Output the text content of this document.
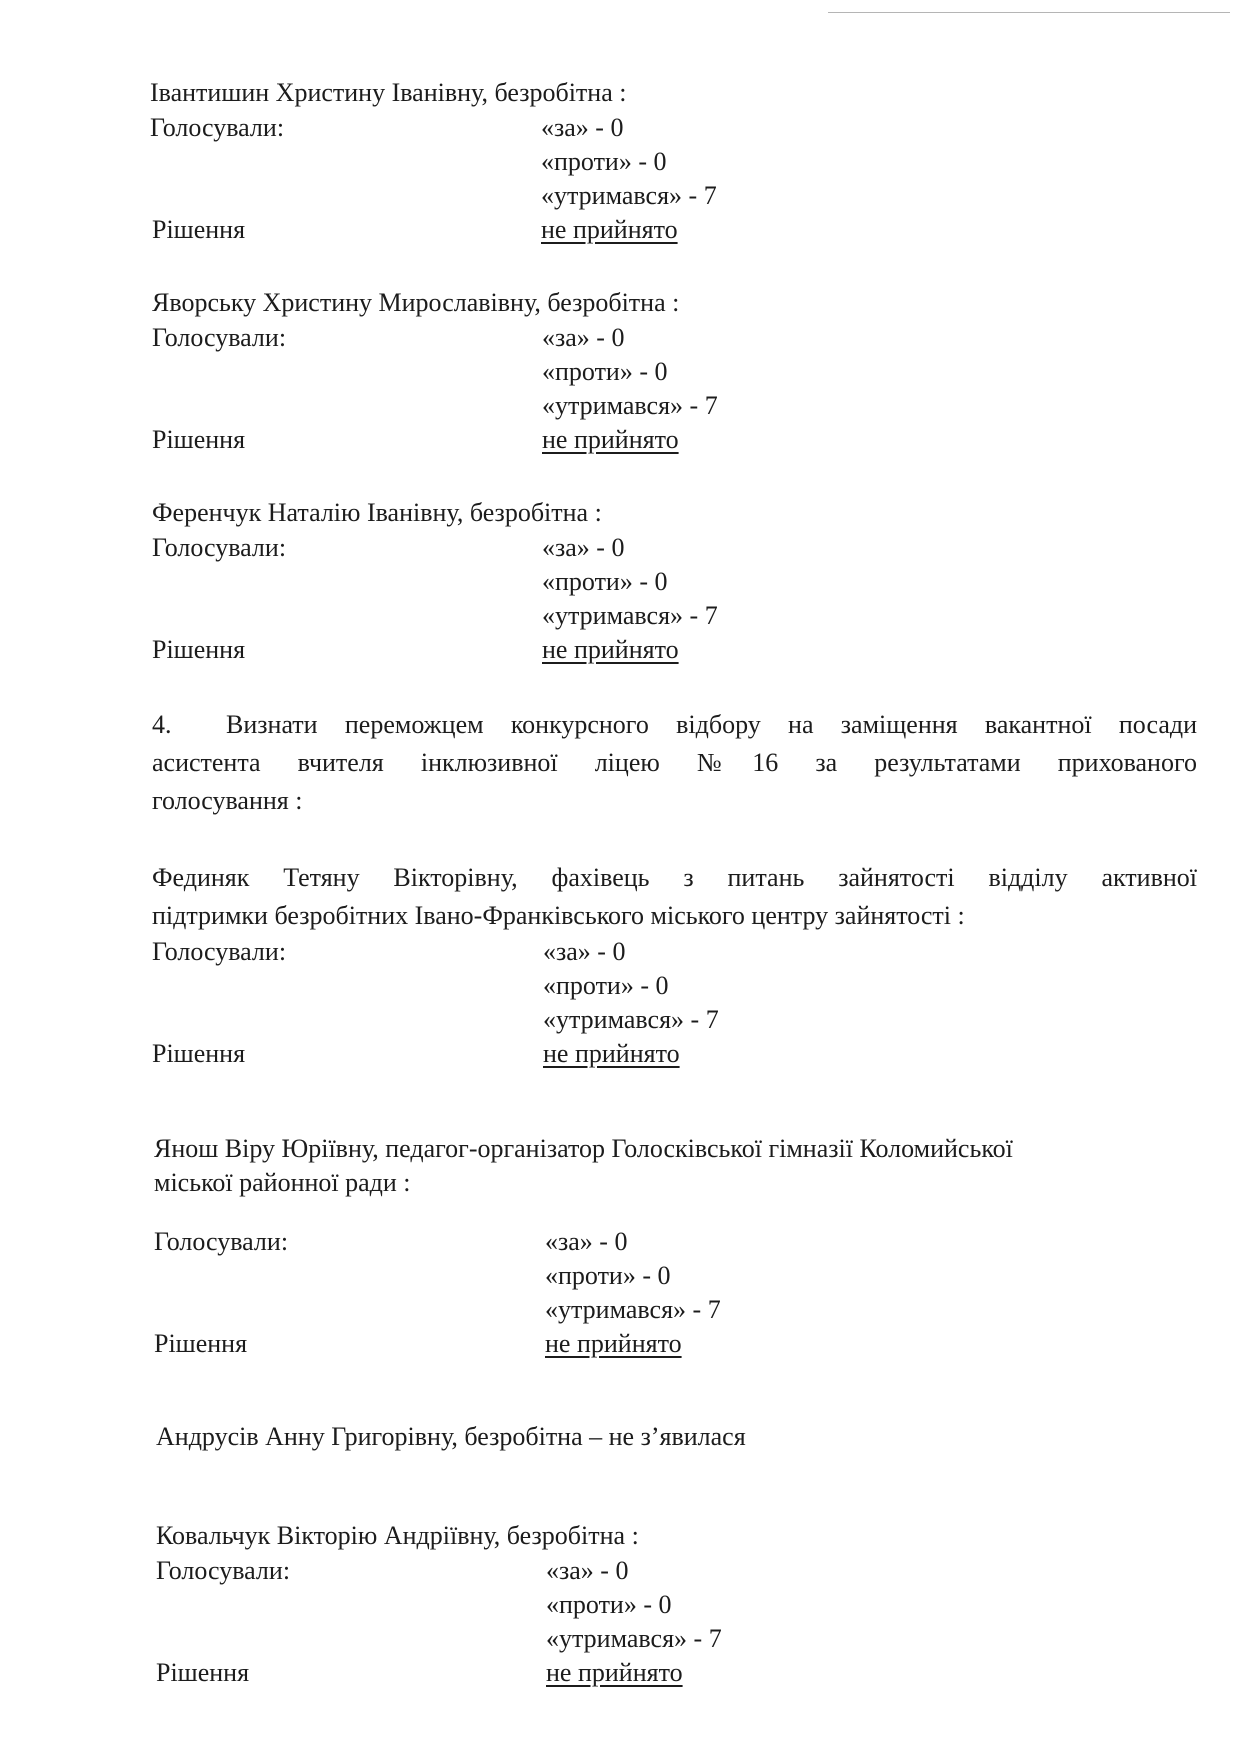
Івантишин Христину Іванівну, безробітна :
Голосували:	«за» - 0
«проти» - 0
«утримався» - 7
Рішення	не прийнято
Яворську Христину Мирославівну, безробітна :
Голосували:	«за» - 0
«проти» - 0
«утримався» - 7
Рішення	не прийнято
Ференчук Наталію Іванівну, безробітна :
Голосували:	«за» - 0
«проти» - 0
«утримався» - 7
Рішення	не прийнято
4. Визнати переможцем конкурсного відбору на заміщення вакантної посади
асистента вчителя інклюзивної ліцею №16 за результатами прихованого
голосування :
Фединяк Тетяну Вікторівну, фахівець з питань зайнятості відділу активної
підтримки безробітних Івано-Франківського міського центру зайнятості :
Голосували:	«за» - 0
«проти» - 0
«утримався» - 7
Рішення	не прийнято
Янош Віру Юріївну, педагог-організатор Голосківської гімназії Коломийської
міської районної ради :
Голосували:	«за» - 0
«проти» - 0
«утримався» - 7
Рішення	не прийнято
Андрусів Анну Григорівну, безробітна – не з’явилася
Ковальчук Вікторію Андріївну, безробітна :
Голосували:	«за» - 0
«проти» - 0
«утримався» - 7
Рішення	не прийнято
